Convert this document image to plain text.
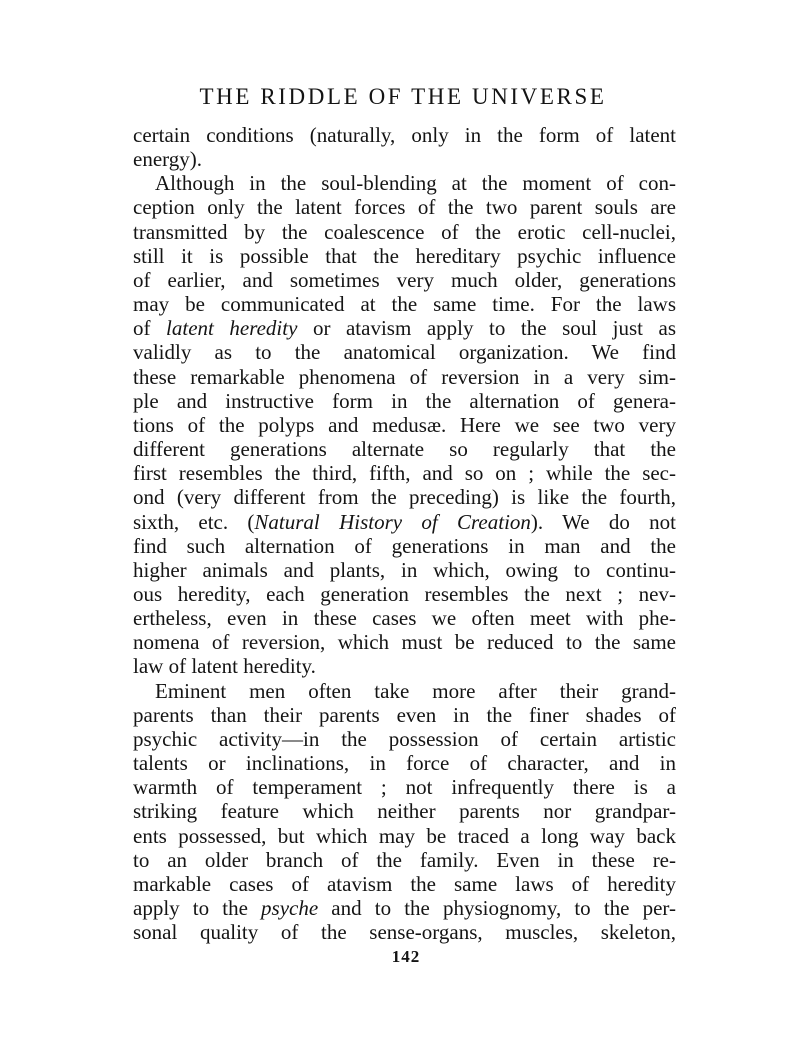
THE RIDDLE OF THE UNIVERSE
certain conditions (naturally, only in the form of latent
energy).
Although in the soul-blending at the moment of con-
ception only the latent forces of the two parent souls are
transmitted by the coalescence of the erotic cell-nuclei,
still it is possible that the hereditary psychic influence
of earlier, and sometimes very much older, generations
may be communicated at the same time. For the laws
of latent heredity or atavism apply to the soul just as
validly as to the anatomical organization. We find
these remarkable phenomena of reversion in a very sim-
ple and instructive form in the alternation of genera-
tions of the polyps and medusæ. Here we see two very
different generations alternate so regularly that the
first resembles the third, fifth, and so on ; while the sec-
ond (very different from the preceding) is like the fourth,
sixth, etc. (Natural History of Creation). We do not
find such alternation of generations in man and the
higher animals and plants, in which, owing to continu-
ous heredity, each generation resembles the next ; nev-
ertheless, even in these cases we often meet with phe-
nomena of reversion, which must be reduced to the same
law of latent heredity.
Eminent men often take more after their grand-
parents than their parents even in the finer shades of
psychic activity—in the possession of certain artistic
talents or inclinations, in force of character, and in
warmth of temperament ; not infrequently there is a
striking feature which neither parents nor grandpar-
ents possessed, but which may be traced a long way back
to an older branch of the family. Even in these re-
markable cases of atavism the same laws of heredity
apply to the psyche and to the physiognomy, to the per-
sonal quality of the sense-organs, muscles, skeleton,
142
